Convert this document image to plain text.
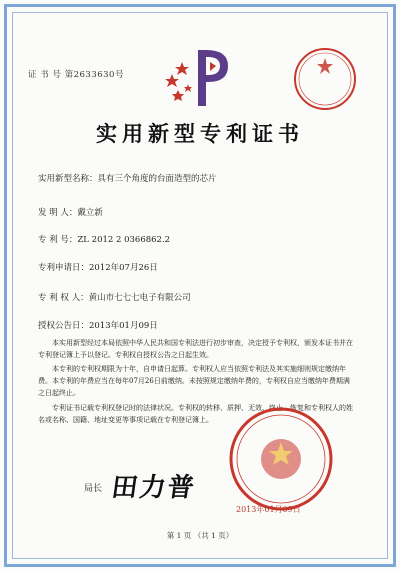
证 书 号 第2633630号
实用新型专利证书
实用新型名称：具有三个角度的台面造型的芯片
发 明 人：戴立新
专 利 号：ZL 2012 2 0366862.2
专利申请日：2012年07月26日
专 利 权 人：黄山市七七七电子有限公司
授权公告日：2013年01月09日
本实用新型经过本局依照中华人民共和国专利法进行初步审查，决定授予专利权，颁发本证书并在专利登记簿上予以登记。专利权自授权公告之日起生效。
本专利的专利权期限为十年，自申请日起算。专利权人应当依照专利法及其实施细则规定缴纳年费。本专利的年费应当在每年07月26日前缴纳。未按照规定缴纳年费的，专利权自应当缴纳年费期满之日起终止。
专利证书记载专利权登记时的法律状况。专利权的转移、质押、无效、终止、恢复和专利权人的姓名或名称、国籍、地址变更等事项记载在专利登记簿上。
局长 田力普
2013年01月09日
第 1 页 （共 1 页）
